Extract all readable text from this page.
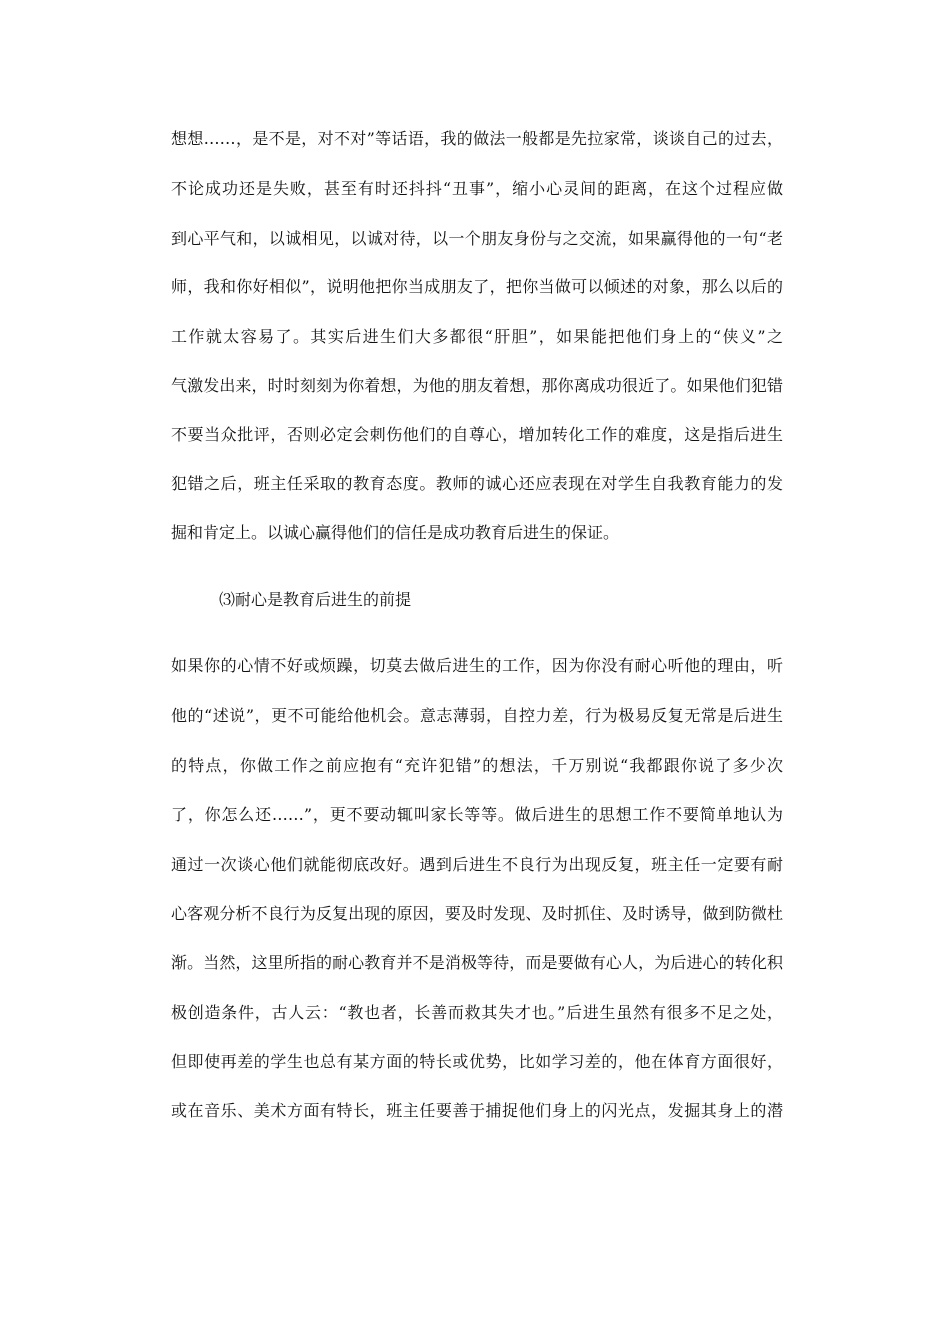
想想……，是不是，对不对”等话语，我的做法一般都是先拉家常，谈谈自己的过去，
不论成功还是失败，甚至有时还抖抖“丑事”，缩小心灵间的距离，在这个过程应做
到心平气和，以诚相见，以诚对待，以一个朋友身份与之交流，如果赢得他的一句“老
师，我和你好相似”，说明他把你当成朋友了，把你当做可以倾述的对象，那么以后的
工作就太容易了。其实后进生们大多都很“肝胆”，如果能把他们身上的“侠义”之
气激发出来，时时刻刻为你着想，为他的朋友着想，那你离成功很近了。如果他们犯错
不要当众批评，否则必定会刺伤他们的自尊心，增加转化工作的难度，这是指后进生
犯错之后，班主任采取的教育态度。教师的诚心还应表现在对学生自我教育能力的发
掘和肯定上。以诚心赢得他们的信任是成功教育后进生的保证。
⑶耐心是教育后进生的前提
如果你的心情不好或烦躁，切莫去做后进生的工作，因为你没有耐心听他的理由，听
他的“述说”，更不可能给他机会。意志薄弱，自控力差，行为极易反复无常是后进生
的特点，你做工作之前应抱有“充许犯错”的想法，千万别说“我都跟你说了多少次
了，你怎么还……”，更不要动辄叫家长等等。做后进生的思想工作不要简单地认为
通过一次谈心他们就能彻底改好。遇到后进生不良行为出现反复，班主任一定要有耐
心客观分析不良行为反复出现的原因，要及时发现、及时抓住、及时诱导，做到防微杜
渐。当然，这里所指的耐心教育并不是消极等待，而是要做有心人，为后进心的转化积
极创造条件，古人云：“教也者，长善而救其失才也。”后进生虽然有很多不足之处，
但即使再差的学生也总有某方面的特长或优势，比如学习差的，他在体育方面很好，
或在音乐、美术方面有特长，班主任要善于捕捉他们身上的闪光点，发掘其身上的潜
